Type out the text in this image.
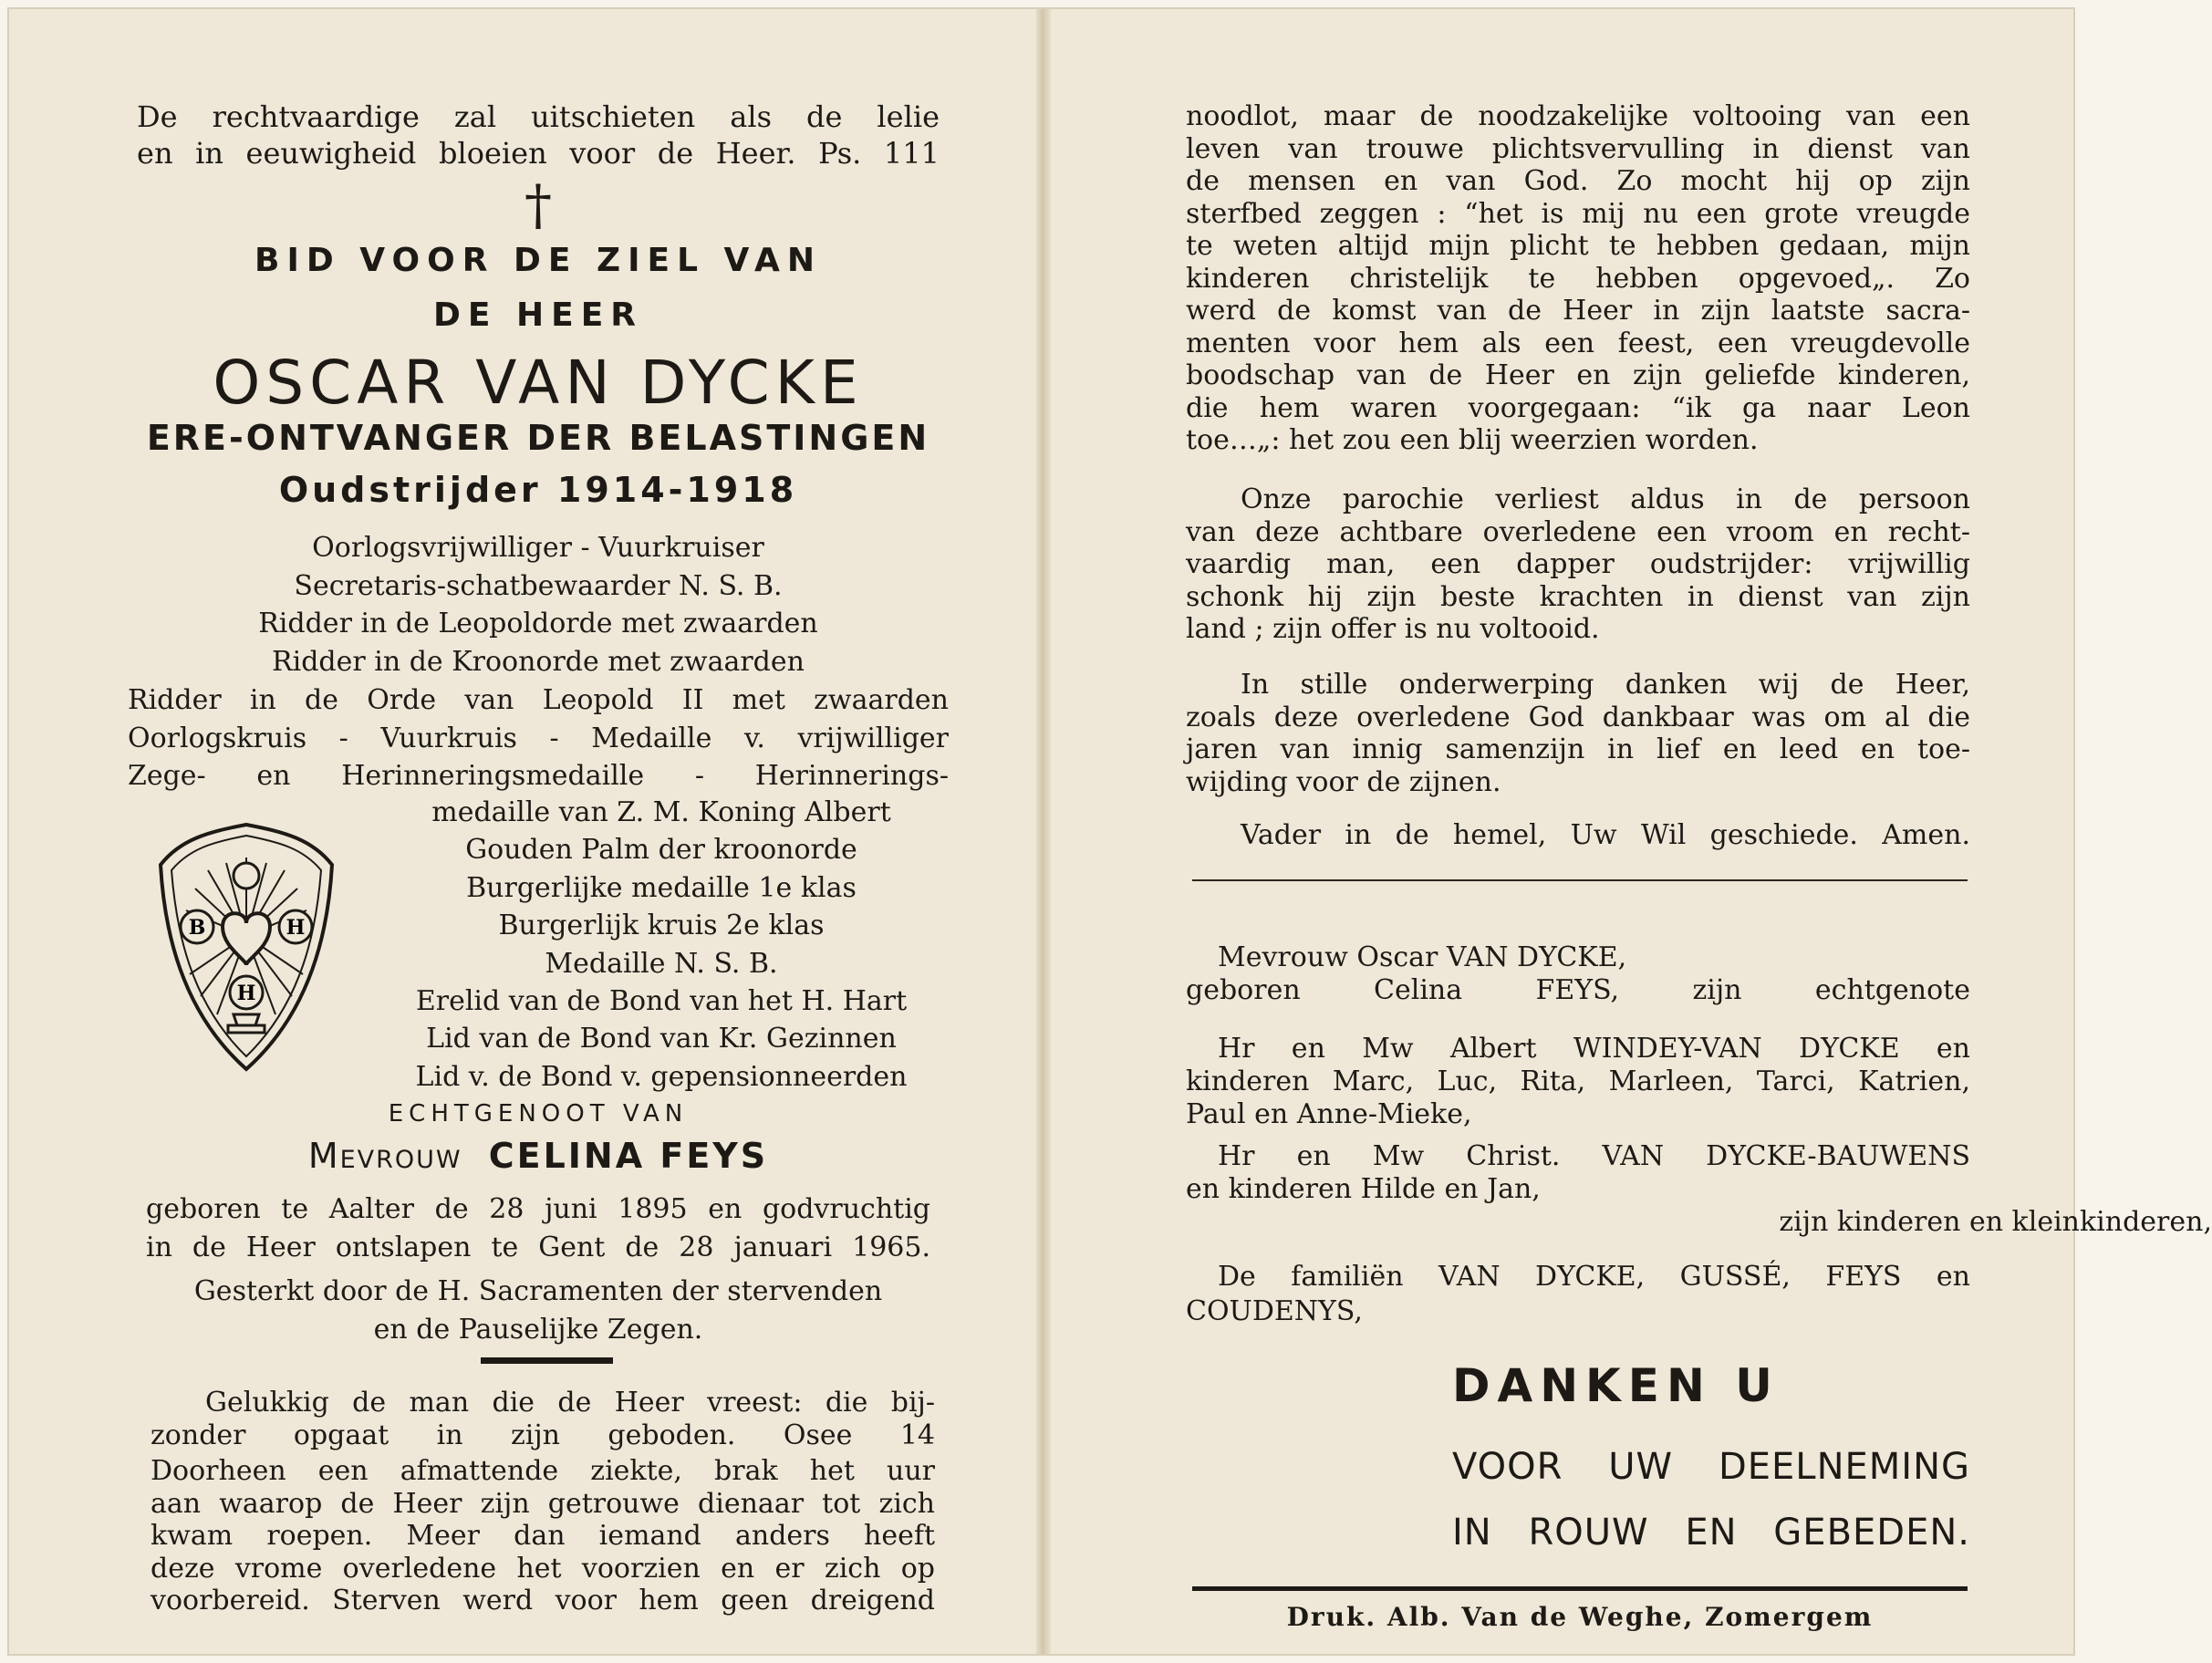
De rechtvaardige zal uitschieten als de lelie
en in eeuwigheid bloeien voor de Heer. Ps. 111
†
BID VOOR DE ZIEL VAN
DE HEER
OSCAR VAN DYCKE
ERE-ONTVANGER DER BELASTINGEN
Oudstrijder 1914-1918
Oorlogsvrijwilliger - Vuurkruiser
Secretaris-schatbewaarder N. S. B.
Ridder in de Leopoldorde met zwaarden
Ridder in de Kroonorde met zwaarden
Ridder in de Orde van Leopold II met zwaarden
Oorlogskruis - Vuurkruis - Medaille v. vrijwilliger
Zege- en Herinneringsmedaille - Herinnerings-
medaille van Z. M. Koning Albert
Gouden Palm der kroonorde
Burgerlijke medaille 1e klas
Burgerlijk kruis 2e klas
Medaille N. S. B.
Erelid van de Bond van het H. Hart
Lid van de Bond van Kr. Gezinnen
Lid v. de Bond v. gepensionneerden
B	H
H
ECHTGENOOT VAN
Mevrouw CELINA FEYS
geboren te Aalter de 28 juni 1895 en godvruchtig
in de Heer ontslapen te Gent de 28 januari 1965.
Gesterkt door de H. Sacramenten der stervenden
en de Pauselijke Zegen.
Gelukkig de man die de Heer vreest: die bij-
zonder opgaat in zijn geboden. Osee 14
Doorheen een afmattende ziekte, brak het uur
aan waarop de Heer zijn getrouwe dienaar tot zich
kwam roepen. Meer dan iemand anders heeft
deze vrome overledene het voorzien en er zich op
voorbereid. Sterven werd voor hem geen dreigend
noodlot, maar de noodzakelijke voltooing van een
leven van trouwe plichtsvervulling in dienst van
de mensen en van God. Zo mocht hij op zijn
sterfbed zeggen : “het is mij nu een grote vreugde
te weten altijd mijn plicht te hebben gedaan, mijn
kinderen christelijk te hebben opgevoed„. Zo
werd de komst van de Heer in zijn laatste sacra-
menten voor hem als een feest, een vreugdevolle
boodschap van de Heer en zijn geliefde kinderen,
die hem waren voorgegaan: “ik ga naar Leon
toe…„: het zou een blij weerzien worden.
Onze parochie verliest aldus in de persoon
van deze achtbare overledene een vroom en recht-
vaardig man, een dapper oudstrijder: vrijwillig
schonk hij zijn beste krachten in dienst van zijn
land ; zijn offer is nu voltooid.
In stille onderwerping danken wij de Heer,
zoals deze overledene God dankbaar was om al die
jaren van innig samenzijn in lief en leed en toe-
wijding voor de zijnen.
Vader in de hemel, Uw Wil geschiede. Amen.
Mevrouw Oscar VAN DYCKE,
geboren Celina FEYS, zijn echtgenote
Hr en Mw Albert WINDEY-VAN DYCKE en
kinderen Marc, Luc, Rita, Marleen, Tarci, Katrien,
Paul en Anne-Mieke,
Hr en Mw Christ. VAN DYCKE-BAUWENS
en kinderen Hilde en Jan,
zijn kinderen en kleinkinderen,
De familiën VAN DYCKE, GUSSÉ, FEYS en
COUDENYS,
DANKEN U
VOOR UW DEELNEMING
IN ROUW EN GEBEDEN.
Druk. Alb. Van de Weghe, Zomergem
